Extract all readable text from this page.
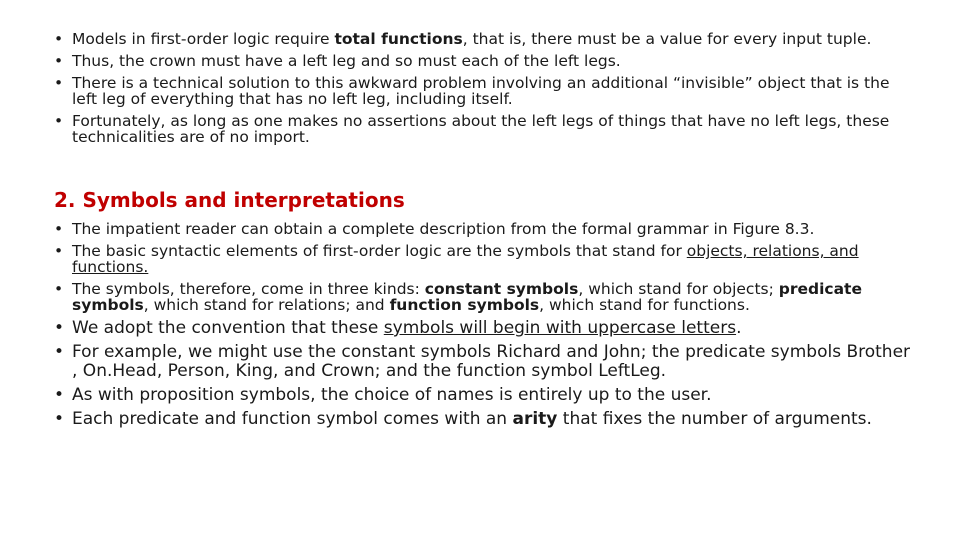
• Models in first-order logic require total functions, that is, there must be a value for every input tuple.
• Thus, the crown must have a left leg and so must each of the left legs.
• There is a technical solution to this awkward problem involving an additional “invisible” object that is the left leg of everything that has no left leg, including itself.
• Fortunately, as long as one makes no assertions about the left legs of things that have no left legs, these technicalities are of no import.
2. Symbols and interpretations
• The impatient reader can obtain a complete description from the formal grammar in Figure 8.3.
• The basic syntactic elements of first-order logic are the symbols that stand for objects, relations, and functions.
• The symbols, therefore, come in three kinds: constant symbols, which stand for objects; predicate symbols, which stand for relations; and function symbols, which stand for functions.
• We adopt the convention that these symbols will begin with uppercase letters.
• For example, we might use the constant symbols Richard and John; the predicate symbols Brother , On.Head, Person, King, and Crown; and the function symbol LeftLeg.
• As with proposition symbols, the choice of names is entirely up to the user.
• Each predicate and function symbol comes with an arity that fixes the number of arguments.
